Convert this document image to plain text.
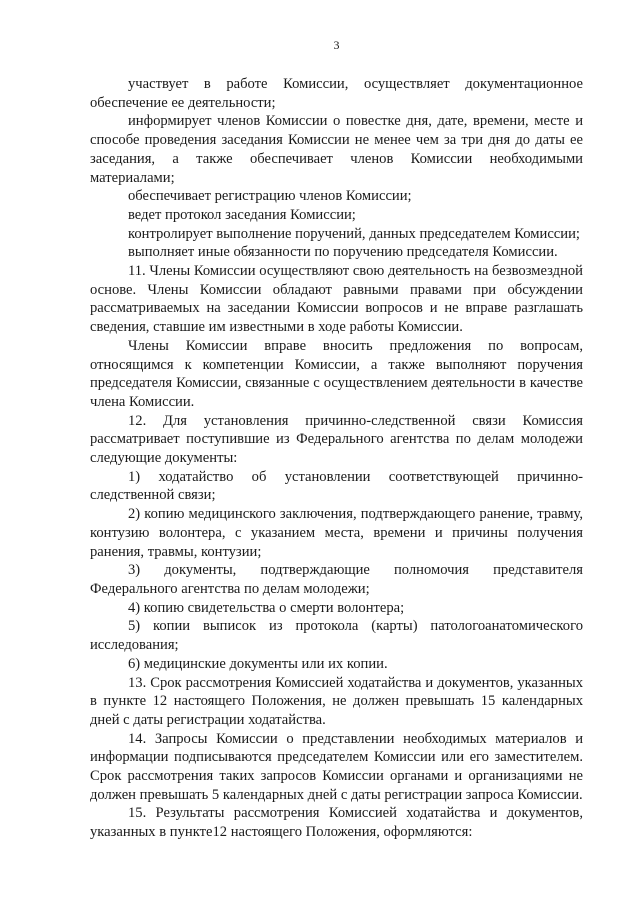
3

участвует в работе Комиссии, осуществляет документационное обеспечение ее деятельности;

информирует членов Комиссии о повестке дня, дате, времени, месте и способе проведения заседания Комиссии не менее чем за три дня до даты ее заседания, а также обеспечивает членов Комиссии необходимыми материалами;

обеспечивает регистрацию членов Комиссии;

ведет протокол заседания Комиссии;

контролирует выполнение поручений, данных председателем Комиссии;

выполняет иные обязанности по поручению председателя Комиссии.

11. Члены Комиссии осуществляют свою деятельность на безвозмездной основе. Члены Комиссии обладают равными правами при обсуждении рассматриваемых на заседании Комиссии вопросов и не вправе разглашать сведения, ставшие им известными в ходе работы Комиссии.

Члены Комиссии вправе вносить предложения по вопросам, относящимся к компетенции Комиссии, а также выполняют поручения председателя Комиссии, связанные с осуществлением деятельности в качестве члена Комиссии.

12. Для установления причинно-следственной связи Комиссия рассматривает поступившие из Федерального агентства по делам молодежи следующие документы:

1) ходатайство об установлении соответствующей причинно-следственной связи;

2) копию медицинского заключения, подтверждающего ранение, травму, контузию волонтера, с указанием места, времени и причины получения ранения, травмы, контузии;

3) документы, подтверждающие полномочия представителя Федерального агентства по делам молодежи;

4) копию свидетельства о смерти волонтера;

5) копии выписок из протокола (карты) патологоанатомического исследования;

6) медицинские документы или их копии.

13. Срок рассмотрения Комиссией ходатайства и документов, указанных в пункте 12 настоящего Положения, не должен превышать 15 календарных дней с даты регистрации ходатайства.

14. Запросы Комиссии о представлении необходимых материалов и информации подписываются председателем Комиссии или его заместителем. Срок рассмотрения таких запросов Комиссии органами и организациями не должен превышать 5 календарных дней с даты регистрации запроса Комиссии.

15. Результаты рассмотрения Комиссией ходатайства и документов, указанных в пункте12 настоящего Положения, оформляются:
